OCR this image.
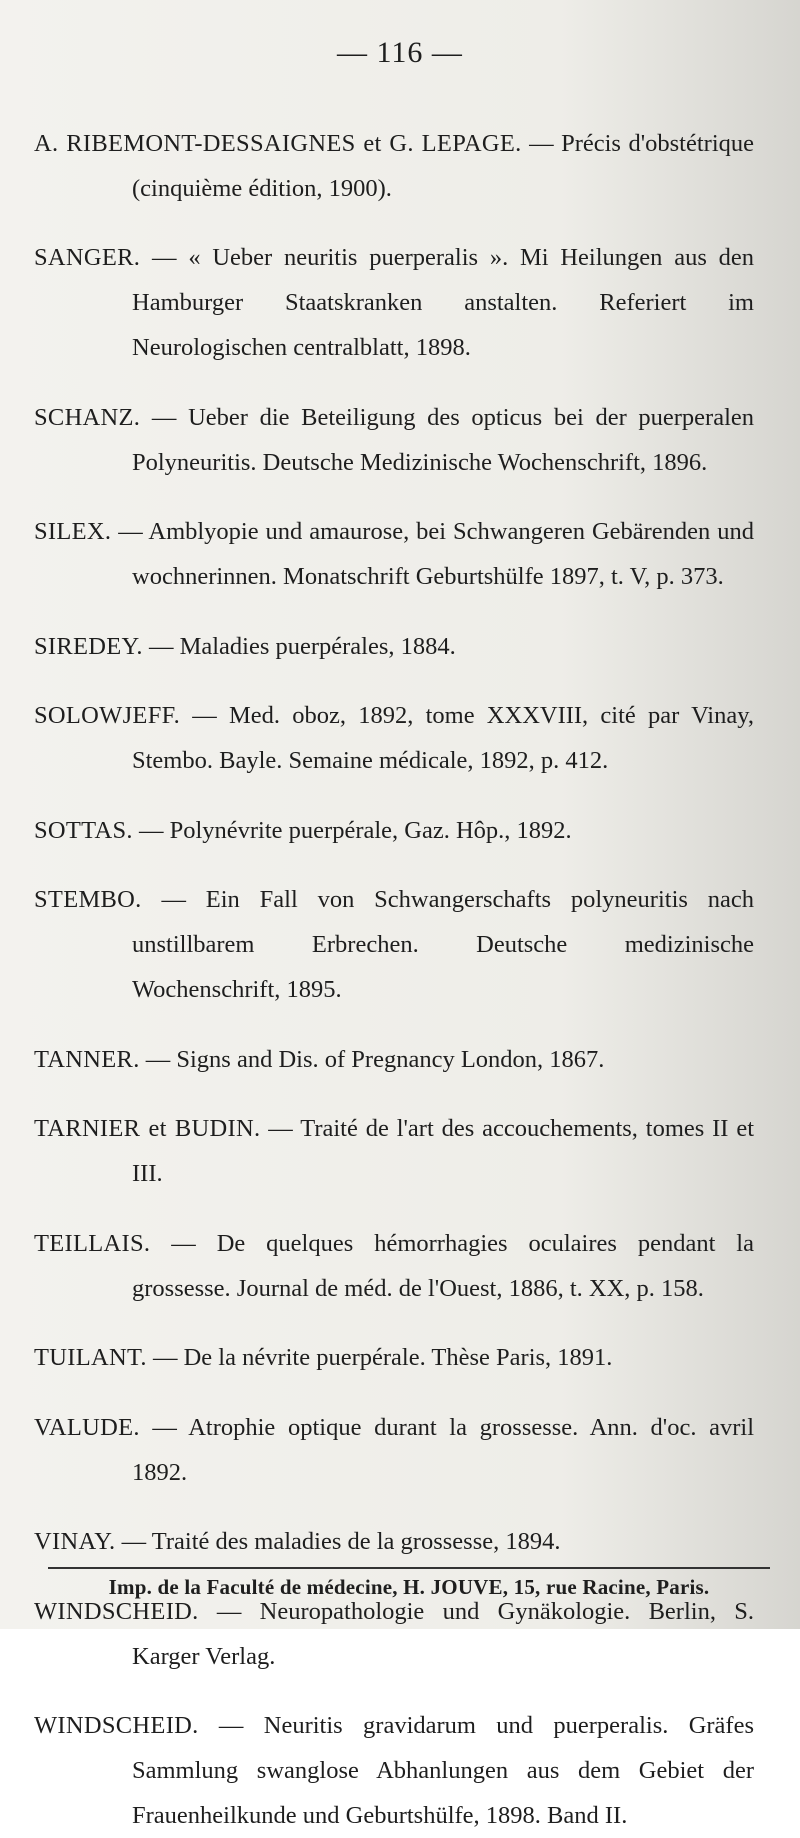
— 116 —

A. RIBEMONT-DESSAIGNES et G. LEPAGE. — Précis d'obstétrique (cinquième édition, 1900).

SANGER. — « Ueber neuritis puerperalis ». Mi Heilungen aus den Hamburger Staatskranken anstalten. Referiert im Neurologischen centralblatt, 1898.

SCHANZ. — Ueber die Beteiligung des opticus bei der puerperalen Polyneuritis. Deutsche Medizinische Wochenschrift, 1896.

SILEX. — Amblyopie und amaurose, bei Schwangeren Gebärenden und wochnerinnen. Monatschrift Geburtshülfe 1897, t. V, p. 373.

SIREDEY. — Maladies puerpérales, 1884.

SOLOWJEFF. — Med. oboz, 1892, tome XXXVIII, cité par Vinay, Stembo. Bayle. Semaine médicale, 1892, p. 412.

SOTTAS. — Polynévrite puerpérale, Gaz. Hôp., 1892.

STEMBO. — Ein Fall von Schwangerschafts polyneuritis nach unstillbarem Erbrechen. Deutsche medizinische Wochenschrift, 1895.

TANNER. — Signs and Dis. of Pregnancy London, 1867.

TARNIER et BUDIN. — Traité de l'art des accouchements, tomes II et III.

TEILLAIS. — De quelques hémorrhagies oculaires pendant la grossesse. Journal de méd. de l'Ouest, 1886, t. XX, p. 158.

TUILANT. — De la névrite puerpérale. Thèse Paris, 1891.

VALUDE. — Atrophie optique durant la grossesse. Ann. d'oc. avril 1892.

VINAY. — Traité des maladies de la grossesse, 1894.

WINDSCHEID. — Neuropathologie und Gynäkologie. Berlin, S. Karger Verlag.

WINDSCHEID. — Neuritis gravidarum und puerperalis. Gräfes Sammlung swanglose Abhanlungen aus dem Gebiet der Frauenheilkunde und Geburtshülfe, 1898. Band II.

Imp. de la Faculté de médecine, H. JOUVE, 15, rue Racine, Paris.
